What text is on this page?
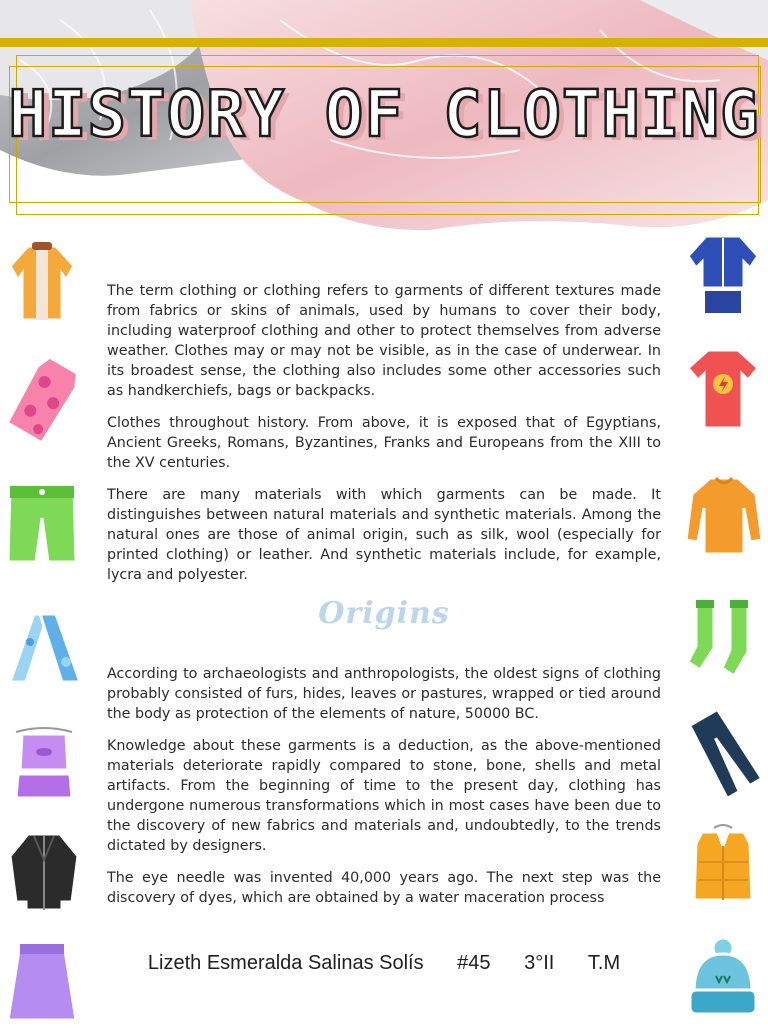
HISTORY OF CLOTHING

The term clothing or clothing refers to garments of different textures made from fabrics or skins of animals, used by humans to cover their body, including waterproof clothing and other to protect themselves from adverse weather. Clothes may or may not be visible, as in the case of underwear. In its broadest sense, the clothing also includes some other accessories such as handkerchiefs, bags or backpacks.

Clothes throughout history. From above, it is exposed that of Egyptians, Ancient Greeks, Romans, Byzantines, Franks and Europeans from the XIII to the XV centuries.

There are many materials with which garments can be made. It distinguishes between natural materials and synthetic materials. Among the natural ones are those of animal origin, such as silk, wool (especially for printed clothing) or leather. And synthetic materials include, for example, lycra and polyester.

Origins

According to archaeologists and anthropologists, the oldest signs of clothing probably consisted of furs, hides, leaves or pastures, wrapped or tied around the body as protection of the elements of nature, 50000 BC.

Knowledge about these garments is a deduction, as the above-mentioned materials deteriorate rapidly compared to stone, bone, shells and metal artifacts. From the beginning of time to the present day, clothing has undergone numerous transformations which in most cases have been due to the discovery of new fabrics and materials and, undoubtedly, to the trends dictated by designers.

The eye needle was invented 40,000 years ago. The next step was the discovery of dyes, which are obtained by a water maceration process

Lizeth Esmeralda Salinas Solís #45 3°II T.M
